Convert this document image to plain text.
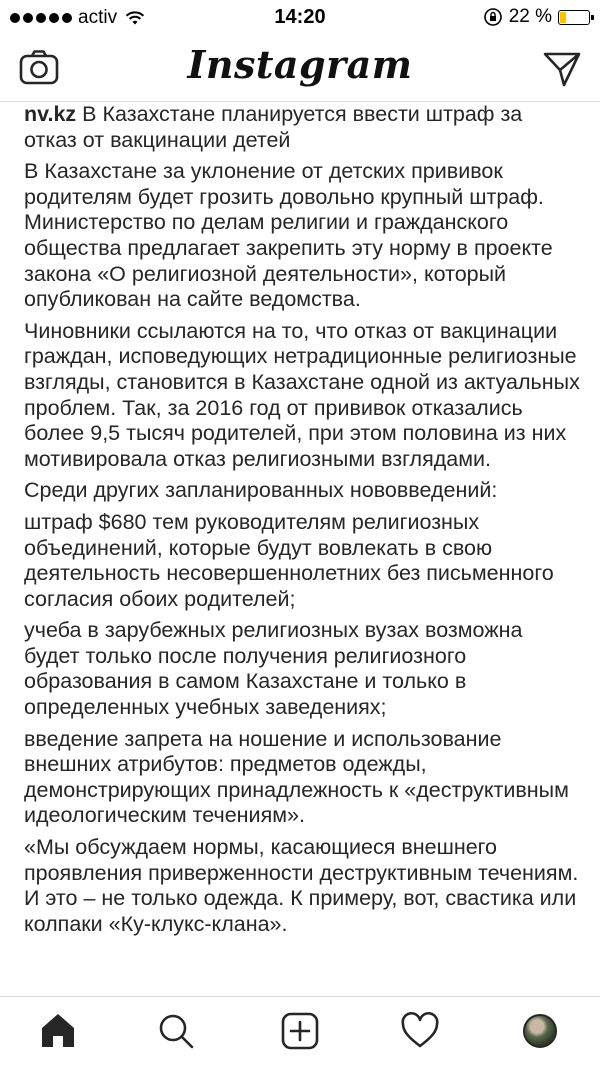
activ	14:20	22 %
Instagram

nv.kz В Казахстане планируется ввести штраф за отказ от вакцинации детей

В Казахстане за уклонение от детских прививок родителям будет грозить довольно крупный штраф. Министерство по делам религии и гражданского общества предлагает закрепить эту норму в проекте закона «О религиозной деятельности», который опубликован на сайте ведомства.

Чиновники ссылаются на то, что отказ от вакцинации граждан, исповедующих нетрадиционные религиозные взгляды, становится в Казахстане одной из актуальных проблем. Так, за 2016 год от прививок отказались более 9,5 тысяч родителей, при этом половина из них мотивировала отказ религиозными взглядами.

Среди других запланированных нововведений:

штраф $680 тем руководителям религиозных объединений, которые будут вовлекать в свою деятельность несовершеннолетних без письменного согласия обоих родителей;

учеба в зарубежных религиозных вузах возможна будет только после получения религиозного образования в самом Казахстане и только в определенных учебных заведениях;

введение запрета на ношение и использование внешних атрибутов: предметов одежды, демонстрирующих принадлежность к «деструктивным идеологическим течениям».

«Мы обсуждаем нормы, касающиеся внешнего проявления приверженности деструктивным течениям. И это – не только одежда. К примеру, вот, свастика или колпаки «Ку-клукс-клана».
